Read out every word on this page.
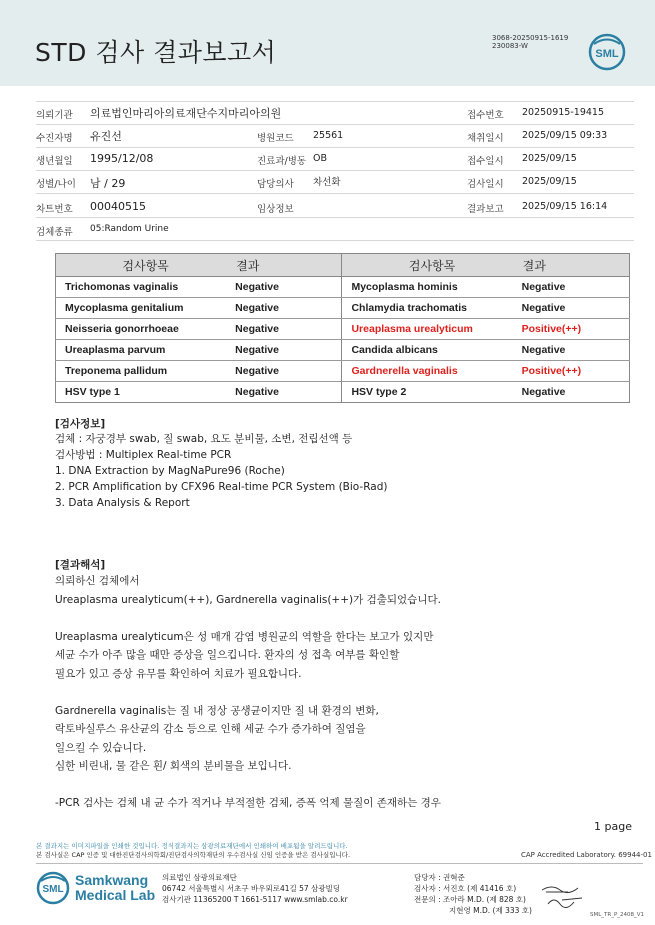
STD 검사 결과보고서	3068-20250915-1619
230083-W
SML
의뢰기관 의료법인마리아의료재단수지마리아의원	접수번호 20250915-19415
수진자명 유진선	병원코드 25561	채취일시 2025/09/15 09:33
생년월일 1995/12/08	진료과/병동 OB	접수일시 2025/09/15
성별/나이 남 / 29	담당의사 차선화	검사일시 2025/09/15
차트번호 00040515	임상정보	결과보고 2025/09/15 16:14
검체종류 05:Random Urine
검사항목	결과	검사항목	결과
Trichomonas vaginalis	Negative	Mycoplasma hominis	Negative
Mycoplasma genitalium	Negative	Chlamydia trachomatis	Negative
Neisseria gonorrhoeae	Negative	Ureaplasma urealyticum	Positive(++)
Ureaplasma parvum	Negative	Candida albicans	Negative
Treponema pallidum	Negative	Gardnerella vaginalis	Positive(++)
HSV type 1	Negative	HSV type 2	Negative
[검사정보]
검체 : 자궁경부 swab, 질 swab, 요도 분비물, 소변, 전립선액 등
검사방법 : Multiplex Real-time PCR
1. DNA Extraction by MagNaPure96 (Roche)
2. PCR Amplification by CFX96 Real-time PCR System (Bio-Rad)
3. Data Analysis & Report
[결과해석]
의뢰하신 검체에서
Ureaplasma urealyticum(++), Gardnerella vaginalis(++)가 검출되었습니다.
Ureaplasma urealyticum은 성 매개 감염 병원균의 역할을 한다는 보고가 있지만
세균 수가 아주 많을 때만 증상을 일으킵니다. 환자의 성 접촉 여부를 확인할
필요가 있고 증상 유무를 확인하여 치료가 필요합니다.
Gardnerella vaginalis는 질 내 정상 공생균이지만 질 내 환경의 변화,
락토바실루스 유산균의 감소 등으로 인해 세균 수가 증가하여 질염을
일으킬 수 있습니다.
심한 비린내, 물 같은 흰/ 회색의 분비물을 보입니다.
-PCR 검사는 검체 내 균 수가 적거나 부적절한 검체, 증폭 억제 물질이 존재하는 경우
1 page
본 결과지는 이미지파일을 인쇄한 것입니다. 정식결과지는 삼광의료재단에서 인쇄하여 배포됨을 알려드립니다.
본 검사실은 CAP 인증 및 대한진단검사의학회/진단검사의학재단의 우수검사실 신임 인증을 받은 검사실입니다.	CAP Accredited Laboratory. 69944-01
SML
Samkwang
Medical Lab
의료법인 삼광의료재단
06742 서울특별시 서초구 바우뫼로41길 57 삼광빌딩
검사기관 11365200 T 1661-5117 www.smlab.co.kr
담당자 : 권혁준
검사자 : 서진호 (제 41416 호)
전문의 : 조아라 M.D. (제 828 호)
지현영 M.D. (제 333 호)	SML_TR_P_2408_V1
